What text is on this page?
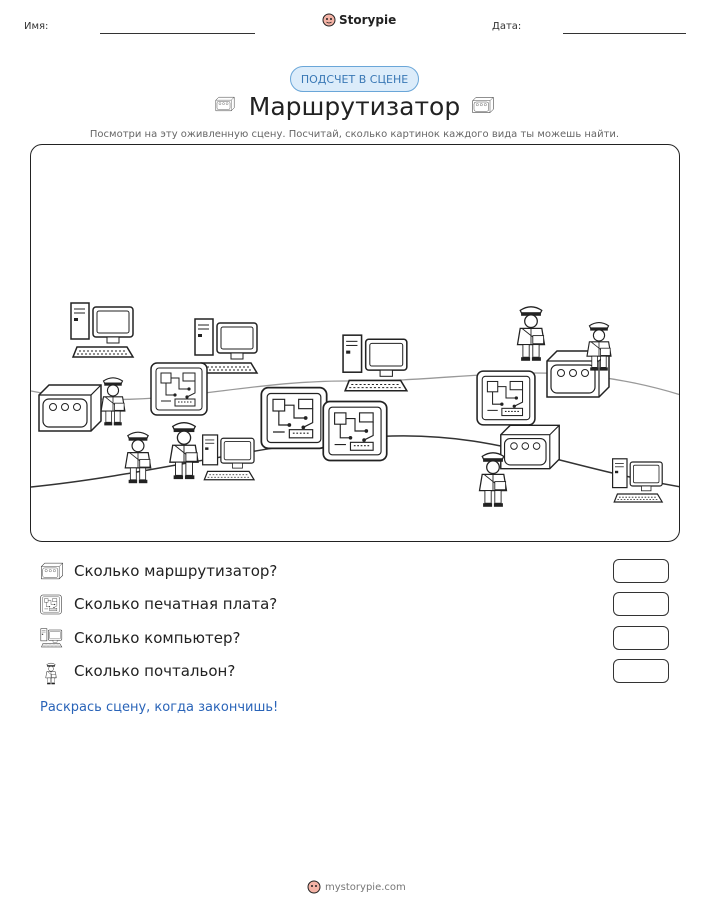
Имя:	Storypie	Дата:
ПОДСЧЕТ В СЦЕНЕ
Маршрутизатор
Посмотри на эту оживленную сцену. Посчитай, сколько картинок каждого вида ты можешь найти.
Сколько маршрутизатор?
Сколько печатная плата?
Сколько компьютер?
Сколько почтальон?
Раскрась сцену, когда закончишь!
mystorypie.com
